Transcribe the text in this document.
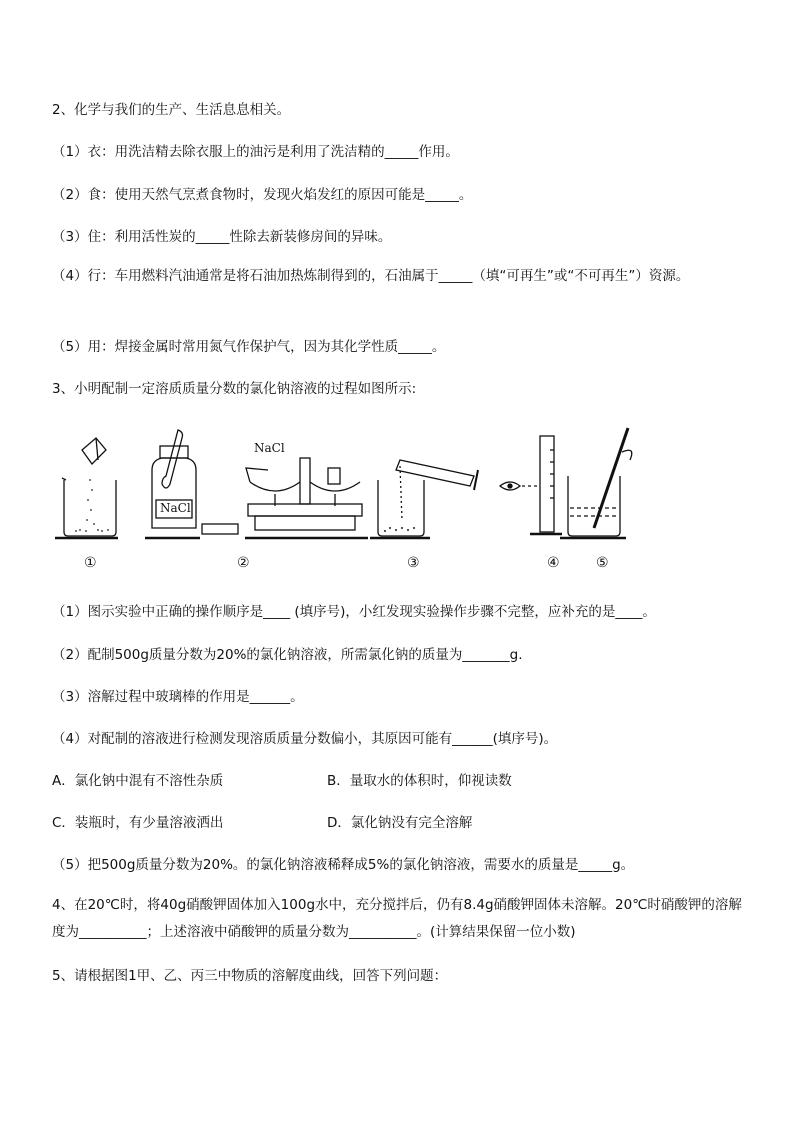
2、化学与我们的生产、生活息息相关。
（1）衣：用洗洁精去除衣服上的油污是利用了洗洁精的_____作用。
（2）食：使用天然气烹煮食物时，发现火焰发红的原因可能是_____。
（3）住：利用活性炭的_____性除去新装修房间的异味。
（4）行：车用燃料汽油通常是将石油加热炼制得到的，石油属于_____（填“可再生”或“不可再生”）资源。
（5）用：焊接金属时常用氮气作保护气，因为其化学性质_____。
3、小明配制一定溶质质量分数的氯化钠溶液的过程如图所示:
NaCl
NaCl
①	②	③	④	⑤
（1）图示实验中正确的操作顺序是____ (填序号)，小红发现实验操作步骤不完整，应补充的是____。
（2）配制500g质量分数为20%的氯化钠溶液，所需氯化钠的质量为_______g.
（3）溶解过程中玻璃棒的作用是______。
（4）对配制的溶液进行检测发现溶质质量分数偏小，其原因可能有______(填序号)。
A．氯化钠中混有不溶性杂质	B．量取水的体积时，仰视读数
C．装瓶时，有少量溶液洒出	D．氯化钠没有完全溶解
（5）把500g质量分数为20%。的氯化钠溶液稀释成5%的氯化钠溶液，需要水的质量是_____g。
4、在20℃时，将40g硝酸钾固体加入100g水中，充分搅拌后，仍有8.4g硝酸钾固体未溶解。20℃时硝酸钾的溶解度为__________；上述溶液中硝酸钾的质量分数为__________。(计算结果保留一位小数)
5、请根据图1甲、乙、丙三中物质的溶解度曲线，回答下列问题：
